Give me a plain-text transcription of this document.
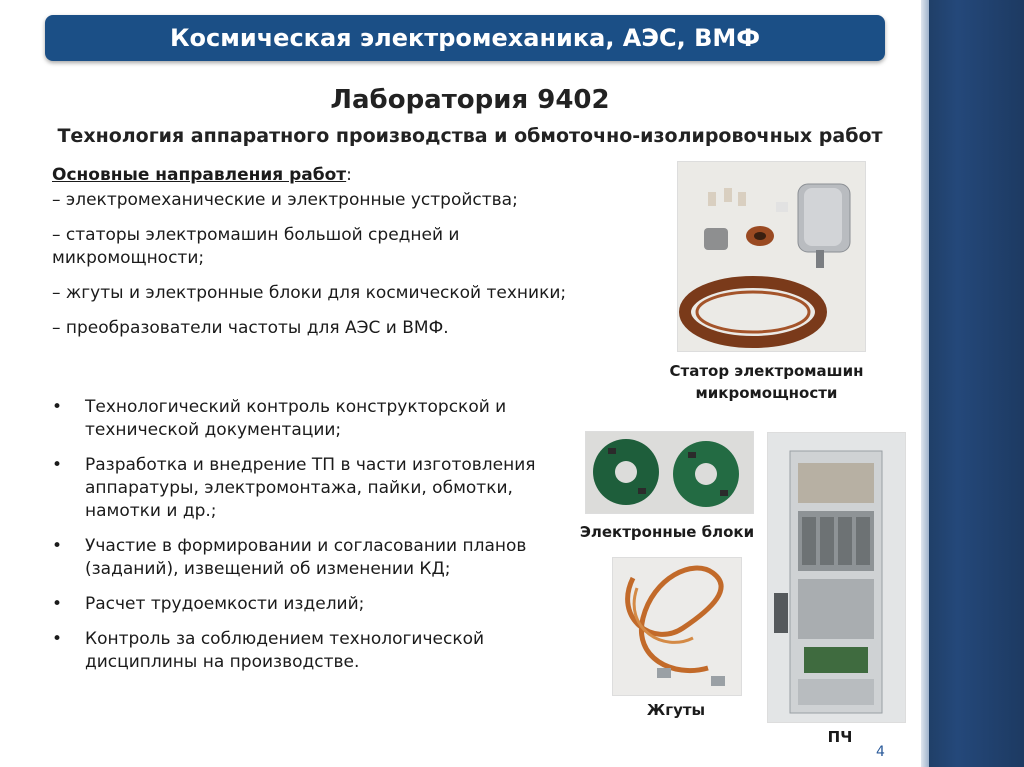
Космическая электромеханика, АЭС, ВМФ
Лаборатория 9402
Технология аппаратного производства и обмоточно-изолировочных работ
Основные направления работ:
– электромеханические и электронные устройства;
– статоры электромашин большой средней и микромощности;
– жгуты и электронные блоки для космической техники;
– преобразователи частоты для АЭС и ВМФ.
•	Технологический контроль конструкторской и технической документации;
•	Разработка и внедрение ТП в части изготовления аппаратуры, электромонтажа, пайки, обмотки, намотки и др.;
•	Участие в формировании и согласовании планов (заданий), извещений об изменении КД;
•	Расчет трудоемкости изделий;
•	Контроль за соблюдением технологической дисциплины на производстве.
Статор электромашин микромощности
Электронные блоки
Жгуты
ПЧ
4
